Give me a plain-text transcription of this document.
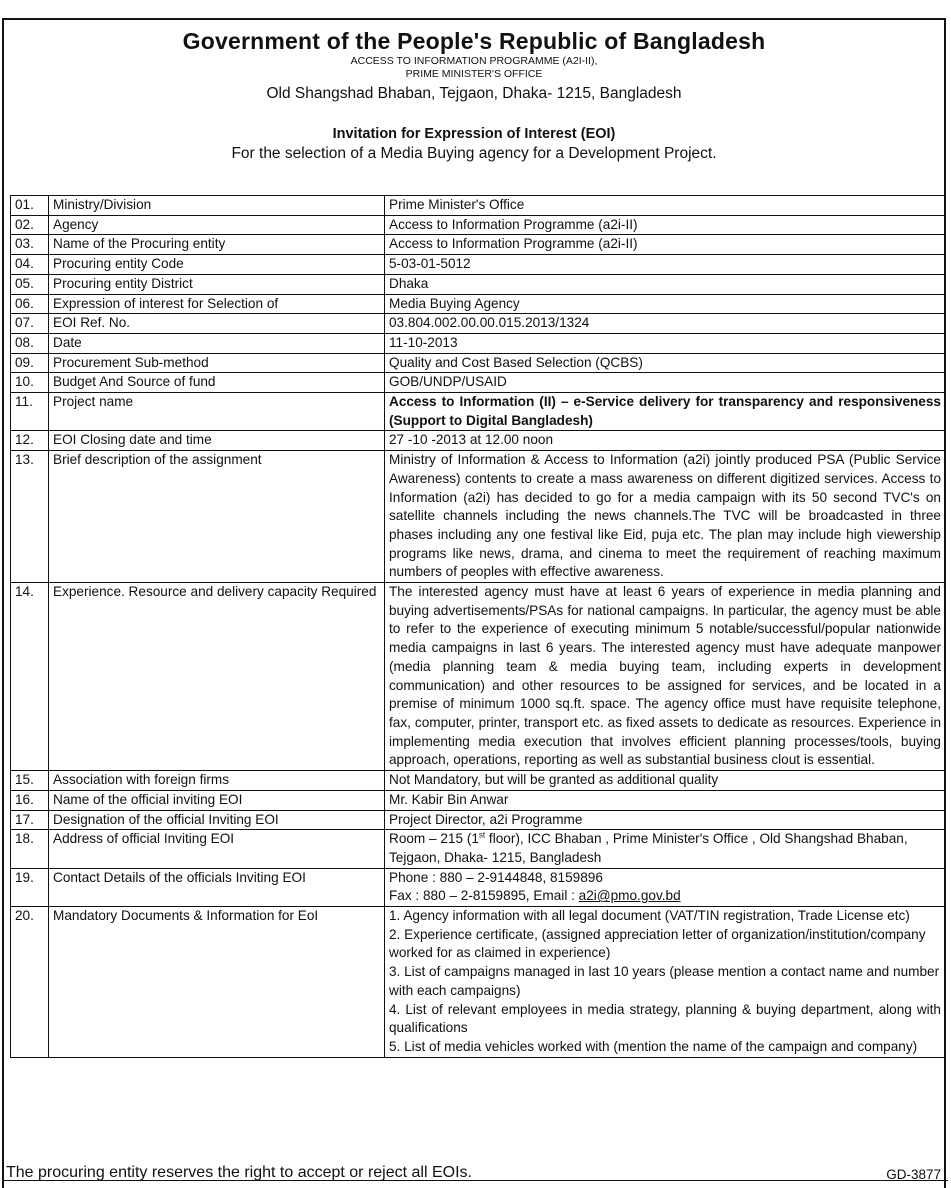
Government of the People's Republic of Bangladesh
ACCESS TO INFORMATION PROGRAMME (A2I-II),
PRIME MINISTER'S OFFICE
Old Shangshad Bhaban, Tejgaon, Dhaka- 1215, Bangladesh
Invitation for Expression of Interest (EOI)
For the selection of a Media Buying agency for a Development Project.
01.	Ministry/Division	Prime Minister's Office
02.	Agency	Access to Information Programme (a2i-II)
03.	Name of the Procuring entity	Access to Information Programme (a2i-II)
04.	Procuring entity Code	5-03-01-5012
05.	Procuring entity District	Dhaka
06.	Expression of interest for Selection of	Media Buying Agency
07.	EOI Ref. No.	03.804.002.00.00.015.2013/1324
08.	Date	11-10-2013
09.	Procurement Sub-method	Quality and Cost Based Selection (QCBS)
10.	Budget And Source of fund	GOB/UNDP/USAID
11.	Project name	Access to Information (II) – e-Service delivery for transparency and responsiveness (Support to Digital Bangladesh)
12.	EOI Closing date and time	27 -10 -2013 at 12.00 noon
13.	Brief description of the assignment	Ministry of Information & Access to Information (a2i) jointly produced PSA (Public Service Awareness) contents to create a mass awareness on different digitized services. Access to Information (a2i) has decided to go for a media campaign with its 50 second TVC's on satellite channels including the news channels.The TVC will be broadcasted in three phases including any one festival like Eid, puja etc. The plan may include high viewership programs like news, drama, and cinema to meet the requirement of reaching maximum numbers of peoples with effective awareness.
14.	Experience. Resource and delivery capacity Required	The interested agency must have at least 6 years of experience in media planning and buying advertisements/PSAs for national campaigns. In particular, the agency must be able to refer to the experience of executing minimum 5 notable/successful/popular nationwide media campaigns in last 6 years. The interested agency must have adequate manpower (media planning team & media buying team, including experts in development communication) and other resources to be assigned for services, and be located in a premise of minimum 1000 sq.ft. space. The agency office must have requisite telephone, fax, computer, printer, transport etc. as fixed assets to dedicate as resources. Experience in implementing media execution that involves efficient planning processes/tools, buying approach, operations, reporting as well as substantial business clout is essential.
15.	Association with foreign firms	Not Mandatory, but will be granted as additional quality
16.	Name of the official inviting EOI	Mr. Kabir Bin Anwar
17.	Designation of the official Inviting EOI	Project Director, a2i Programme
18.	Address of official Inviting EOI	Room – 215 (1st floor), ICC Bhaban , Prime Minister's Office , Old Shangshad Bhaban, Tejgaon, Dhaka- 1215, Bangladesh
19.	Contact Details of the officials Inviting EOI	Phone : 880 – 2-9144848, 8159896
Fax : 880 – 2-8159895, Email : a2i@pmo.gov.bd

20.	Mandatory Documents & Information for EoI	1. Agency information with all legal document (VAT/TIN registration, Trade License etc)
2. Experience certificate, (assigned appreciation letter of organization/institution/company worked for as claimed in experience)
3. List of campaigns managed in last 10 years (please mention a contact name and number with each campaigns)
4. List of relevant employees in media strategy, planning & buying department, along with qualifications
5. List of media vehicles worked with (mention the name of the campaign and company)
The procuring entity reserves the right to accept or reject all EOIs.	GD-3877
